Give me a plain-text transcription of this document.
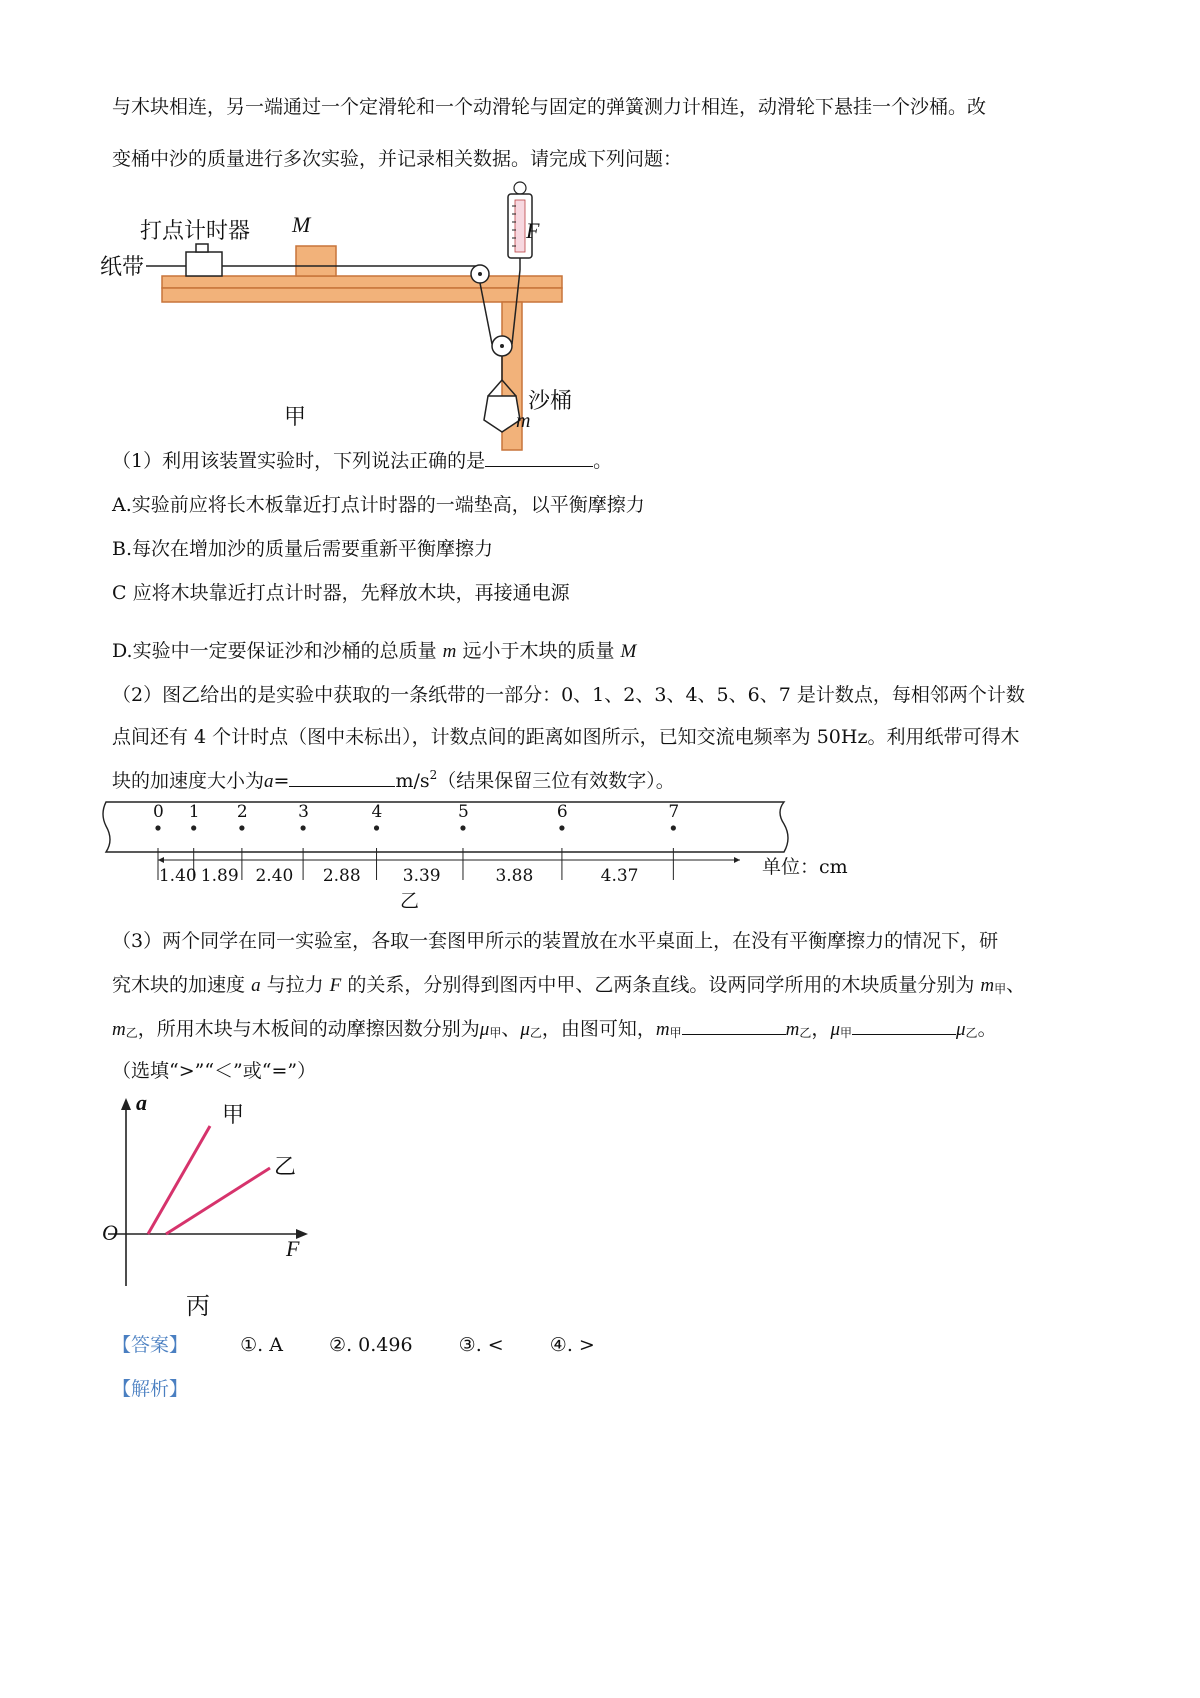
与木块相连，另一端通过一个定滑轮和一个动滑轮与固定的弹簧测力计相连，动滑轮下悬挂一个沙桶。改
变桶中沙的质量进行多次实验，并记录相关数据。请完成下列问题：
打点计时器
纸带
M	F
沙桶
m
甲
（1）利用该装置实验时，下列说法正确的是	。
A.实验前应将长木板靠近打点计时器的一端垫高，以平衡摩擦力
B.每次在增加沙的质量后需要重新平衡摩擦力
C 应将木块靠近打点计时器，先释放木块，再接通电源
D.实验中一定要保证沙和沙桶的总质量 m 远小于木块的质量 M
（2）图乙给出的是实验中获取的一条纸带的一部分：0、1、2、3、4、5、6、7 是计数点，每相邻两个计数
点间还有 4 个计时点（图中未标出），计数点间的距离如图所示，已知交流电频率为 50Hz。利用纸带可得木
块的加速度大小为a=	$m/s^2$（结果保留三位有效数字）。
0 1 2	3	4	5	6	7
1.40 1.89 2.40 2.88 3.39	3.88	4.37	单位：cm
乙
（3）两个同学在同一实验室，各取一套图甲所示的装置放在水平桌面上，在没有平衡摩擦力的情况下，研
究木块的加速度 a 与拉力 F 的关系，分别得到图丙中甲、乙两条直线。设两同学所用的木块质量分别为 m甲、
m乙，所用木块与木板间的动摩擦因数分别为μ甲、μ乙，由图可知，m甲	m乙，μ甲	μ乙。
（选填“>”“＜”或“=”）
a
F
O
甲
乙
丙
【答案】	①. A ②. 0.496 ③. < ④. >
【解析】
